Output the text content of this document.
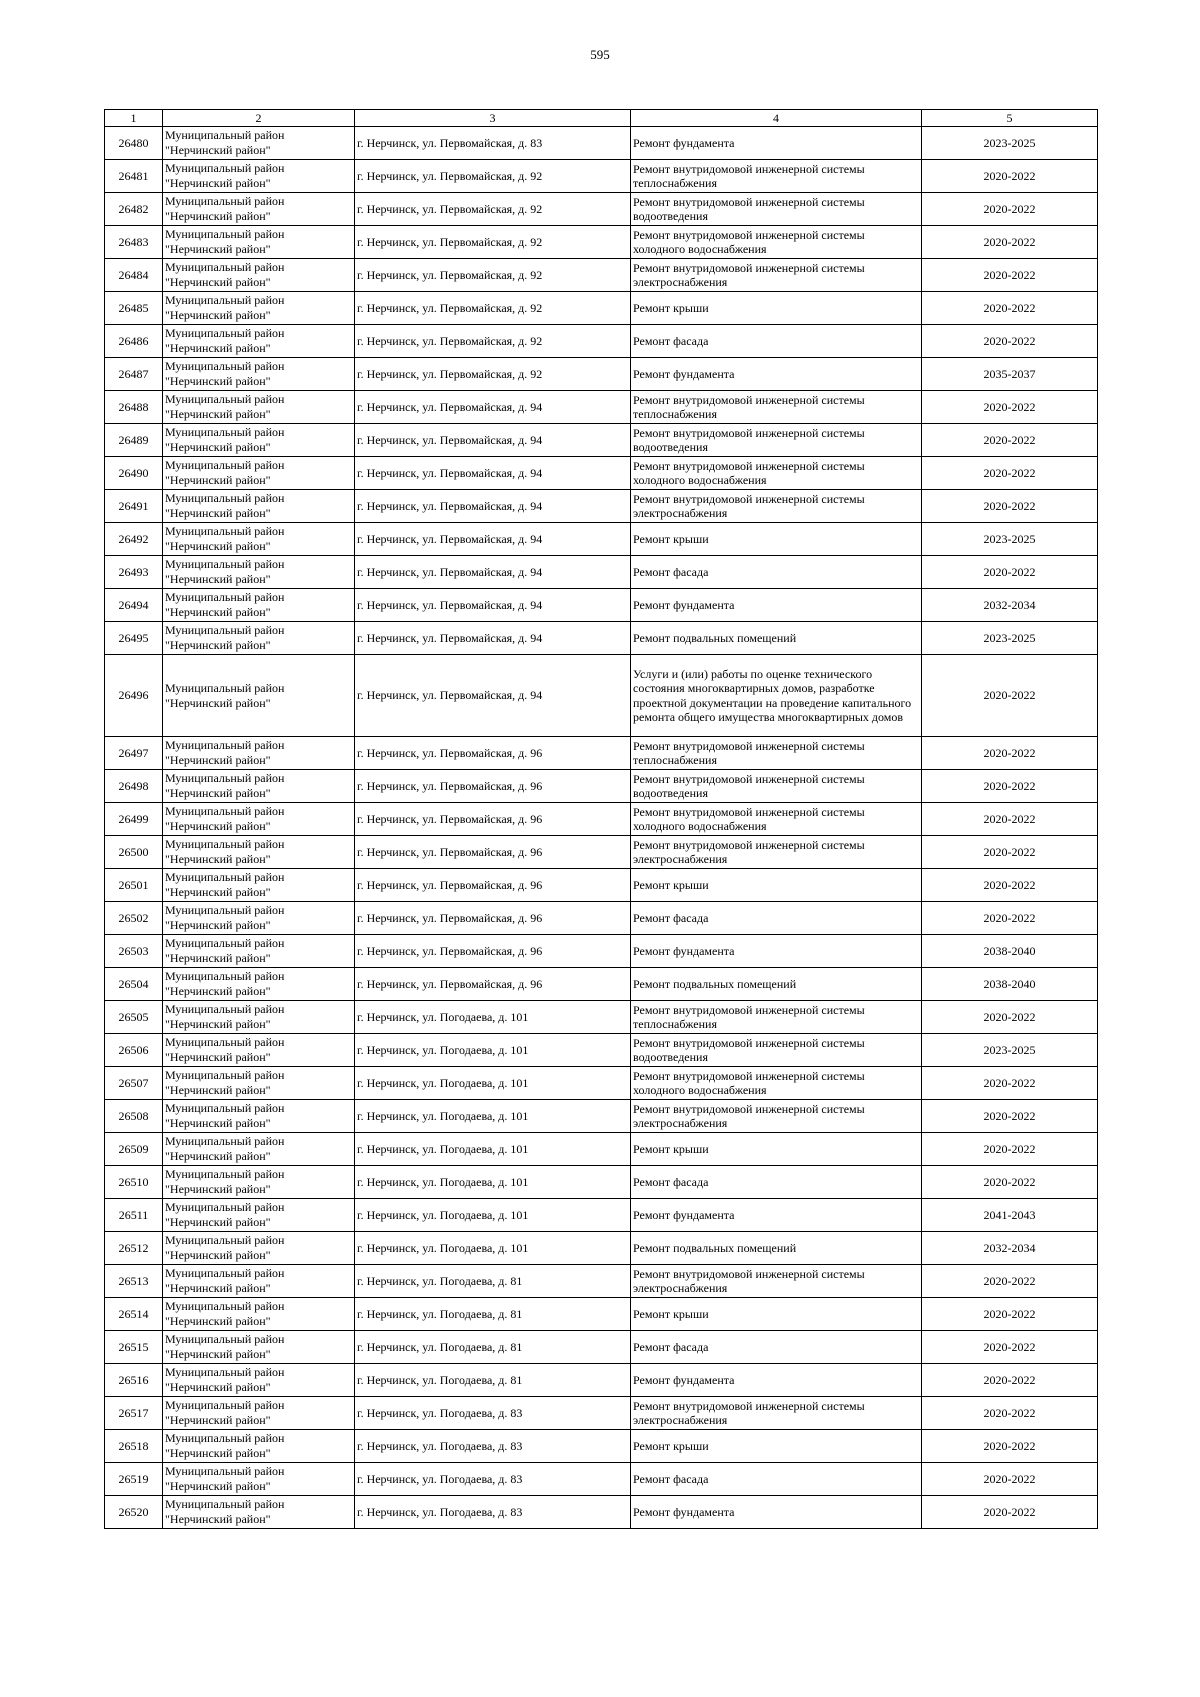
595
1	2	3	4	5
26480	Муниципальный район "Нерчинский район"	г. Нерчинск, ул. Первомайская, д. 83	Ремонт фундамента	2023-2025
26481	Муниципальный район "Нерчинский район"	г. Нерчинск, ул. Первомайская, д. 92	Ремонт внутридомовой инженерной системы теплоснабжения	2020-2022
26482	Муниципальный район "Нерчинский район"	г. Нерчинск, ул. Первомайская, д. 92	Ремонт внутридомовой инженерной системы водоотведения	2020-2022
26483	Муниципальный район "Нерчинский район"	г. Нерчинск, ул. Первомайская, д. 92	Ремонт внутридомовой инженерной системы холодного водоснабжения	2020-2022
26484	Муниципальный район "Нерчинский район"	г. Нерчинск, ул. Первомайская, д. 92	Ремонт внутридомовой инженерной системы электроснабжения	2020-2022
26485	Муниципальный район "Нерчинский район"	г. Нерчинск, ул. Первомайская, д. 92	Ремонт крыши	2020-2022
26486	Муниципальный район "Нерчинский район"	г. Нерчинск, ул. Первомайская, д. 92	Ремонт фасада	2020-2022
26487	Муниципальный район "Нерчинский район"	г. Нерчинск, ул. Первомайская, д. 92	Ремонт фундамента	2035-2037
26488	Муниципальный район "Нерчинский район"	г. Нерчинск, ул. Первомайская, д. 94	Ремонт внутридомовой инженерной системы теплоснабжения	2020-2022
26489	Муниципальный район "Нерчинский район"	г. Нерчинск, ул. Первомайская, д. 94	Ремонт внутридомовой инженерной системы водоотведения	2020-2022
26490	Муниципальный район "Нерчинский район"	г. Нерчинск, ул. Первомайская, д. 94	Ремонт внутридомовой инженерной системы холодного водоснабжения	2020-2022
26491	Муниципальный район "Нерчинский район"	г. Нерчинск, ул. Первомайская, д. 94	Ремонт внутридомовой инженерной системы электроснабжения	2020-2022
26492	Муниципальный район "Нерчинский район"	г. Нерчинск, ул. Первомайская, д. 94	Ремонт крыши	2023-2025
26493	Муниципальный район "Нерчинский район"	г. Нерчинск, ул. Первомайская, д. 94	Ремонт фасада	2020-2022
26494	Муниципальный район "Нерчинский район"	г. Нерчинск, ул. Первомайская, д. 94	Ремонт фундамента	2032-2034
26495	Муниципальный район "Нерчинский район"	г. Нерчинск, ул. Первомайская, д. 94	Ремонт подвальных помещений	2023-2025
26496	Муниципальный район "Нерчинский район"	г. Нерчинск, ул. Первомайская, д. 94	Услуги и (или) работы по оценке технического состояния многоквартирных домов, разработке проектной документации на проведение капитального ремонта общего имущества многоквартирных домов	2020-2022
26497	Муниципальный район "Нерчинский район"	г. Нерчинск, ул. Первомайская, д. 96	Ремонт внутридомовой инженерной системы теплоснабжения	2020-2022
26498	Муниципальный район "Нерчинский район"	г. Нерчинск, ул. Первомайская, д. 96	Ремонт внутридомовой инженерной системы водоотведения	2020-2022
26499	Муниципальный район "Нерчинский район"	г. Нерчинск, ул. Первомайская, д. 96	Ремонт внутридомовой инженерной системы холодного водоснабжения	2020-2022
26500	Муниципальный район "Нерчинский район"	г. Нерчинск, ул. Первомайская, д. 96	Ремонт внутридомовой инженерной системы электроснабжения	2020-2022
26501	Муниципальный район "Нерчинский район"	г. Нерчинск, ул. Первомайская, д. 96	Ремонт крыши	2020-2022
26502	Муниципальный район "Нерчинский район"	г. Нерчинск, ул. Первомайская, д. 96	Ремонт фасада	2020-2022
26503	Муниципальный район "Нерчинский район"	г. Нерчинск, ул. Первомайская, д. 96	Ремонт фундамента	2038-2040
26504	Муниципальный район "Нерчинский район"	г. Нерчинск, ул. Первомайская, д. 96	Ремонт подвальных помещений	2038-2040
26505	Муниципальный район "Нерчинский район"	г. Нерчинск, ул. Погодаева, д. 101	Ремонт внутридомовой инженерной системы теплоснабжения	2020-2022
26506	Муниципальный район "Нерчинский район"	г. Нерчинск, ул. Погодаева, д. 101	Ремонт внутридомовой инженерной системы водоотведения	2023-2025
26507	Муниципальный район "Нерчинский район"	г. Нерчинск, ул. Погодаева, д. 101	Ремонт внутридомовой инженерной системы холодного водоснабжения	2020-2022
26508	Муниципальный район "Нерчинский район"	г. Нерчинск, ул. Погодаева, д. 101	Ремонт внутридомовой инженерной системы электроснабжения	2020-2022
26509	Муниципальный район "Нерчинский район"	г. Нерчинск, ул. Погодаева, д. 101	Ремонт крыши	2020-2022
26510	Муниципальный район "Нерчинский район"	г. Нерчинск, ул. Погодаева, д. 101	Ремонт фасада	2020-2022
26511	Муниципальный район "Нерчинский район"	г. Нерчинск, ул. Погодаева, д. 101	Ремонт фундамента	2041-2043
26512	Муниципальный район "Нерчинский район"	г. Нерчинск, ул. Погодаева, д. 101	Ремонт подвальных помещений	2032-2034
26513	Муниципальный район "Нерчинский район"	г. Нерчинск, ул. Погодаева, д. 81	Ремонт внутридомовой инженерной системы электроснабжения	2020-2022
26514	Муниципальный район "Нерчинский район"	г. Нерчинск, ул. Погодаева, д. 81	Ремонт крыши	2020-2022
26515	Муниципальный район "Нерчинский район"	г. Нерчинск, ул. Погодаева, д. 81	Ремонт фасада	2020-2022
26516	Муниципальный район "Нерчинский район"	г. Нерчинск, ул. Погодаева, д. 81	Ремонт фундамента	2020-2022
26517	Муниципальный район "Нерчинский район"	г. Нерчинск, ул. Погодаева, д. 83	Ремонт внутридомовой инженерной системы электроснабжения	2020-2022
26518	Муниципальный район "Нерчинский район"	г. Нерчинск, ул. Погодаева, д. 83	Ремонт крыши	2020-2022
26519	Муниципальный район "Нерчинский район"	г. Нерчинск, ул. Погодаева, д. 83	Ремонт фасада	2020-2022
26520	Муниципальный район "Нерчинский район"	г. Нерчинск, ул. Погодаева, д. 83	Ремонт фундамента	2020-2022
